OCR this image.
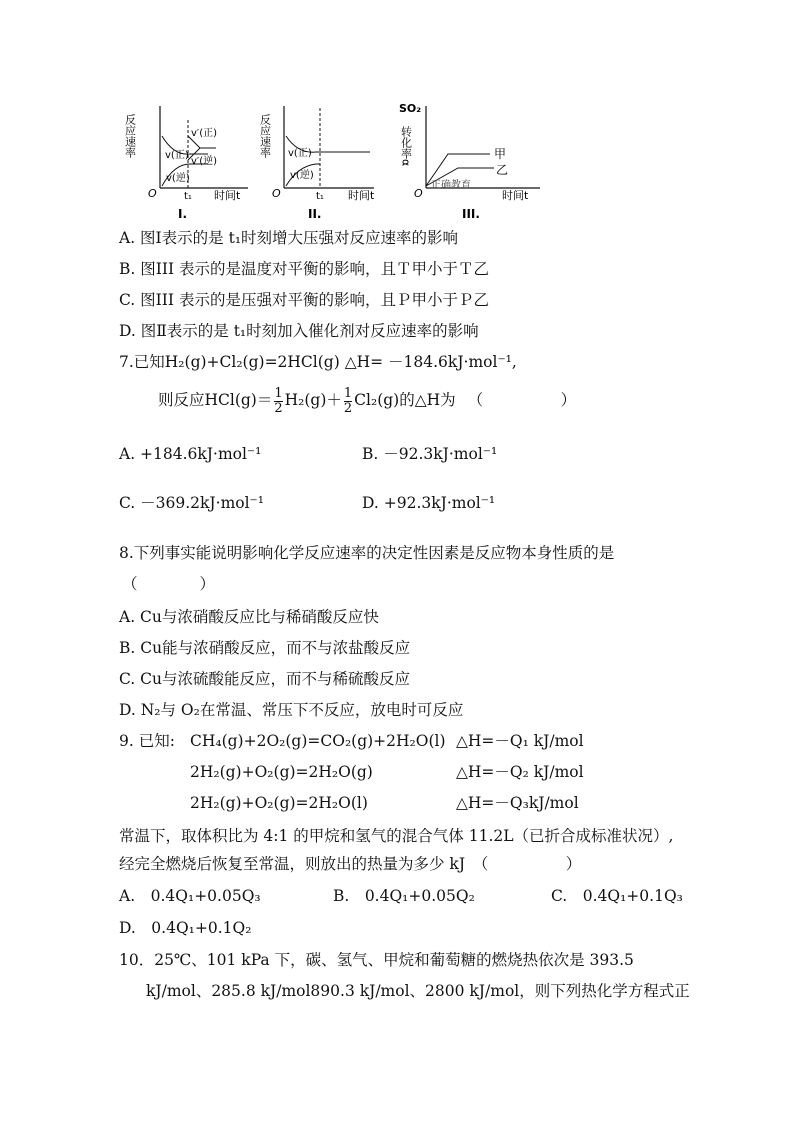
反应速率	v(正)
v(逆)
v′(正)
v′(逆)
O	t₁ 时间t
I.
反应速率 v(正)
v(逆)
O	t₁ 时间t
II.
SO₂
转化率α	甲
乙
O
正确教育
时间t
III.
A. 图Ⅰ表示的是 t₁时刻增大压强对反应速率的影响
B. 图III 表示的是温度对平衡的影响，且Ｔ甲小于Ｔ乙
C. 图III 表示的是压强对平衡的影响，且Ｐ甲小于Ｐ乙
D. 图Ⅱ表示的是 t₁时刻加入催化剂对反应速率的影响
7.已知H₂(g)+Cl₂(g)=2HCl(g) △H= －184.6kJ·mol⁻¹,
则反应$HCl(g)= \frac{1}{2} H_2(g)+ \frac{1}{2} Cl_2(g)$的△H为 （　　　　　）
A. +184.6kJ·mol⁻¹	B. －92.3kJ·mol⁻¹
C. －369.2kJ·mol⁻¹	D. +92.3kJ·mol⁻¹
8.下列事实能说明影响化学反应速率的决定性因素是反应物本身性质的是
（　　　　）
A. Cu与浓硝酸反应比与稀硝酸反应快
B. Cu能与浓硝酸反应，而不与浓盐酸反应
C. Cu与浓硫酸能反应，而不与稀硫酸反应
D. N₂与 O₂在常温、常压下不反应，放电时可反应
9. 已知: CH₄(g)+2O₂(g)=CO₂(g)+2H₂O(l) △H=－Q₁ kJ/mol
2H₂(g)+O₂(g)=2H₂O(g)	△H=－Q₂ kJ/mol
2H₂(g)+O₂(g)=2H₂O(l)	△H=－Q₃kJ/mol
常温下，取体积比为 4:1 的甲烷和氢气的混合气体 11.2L（已折合成标准状况）,
经完全燃烧后恢复至常温，则放出的热量为多少 kJ　（　　　　　）
A.　0.4Q₁+0.05Q₃	B.　0.4Q₁+0.05Q₂	C.　0.4Q₁+0.1Q₃
D.　0.4Q₁+0.1Q₂
10．25℃、101 kPa 下，碳、氢气、甲烷和葡萄糖的燃烧热依次是 393.5
kJ/mol、285.8 kJ/mol890.3 kJ/mol、2800 kJ/mol，则下列热化学方程式正
